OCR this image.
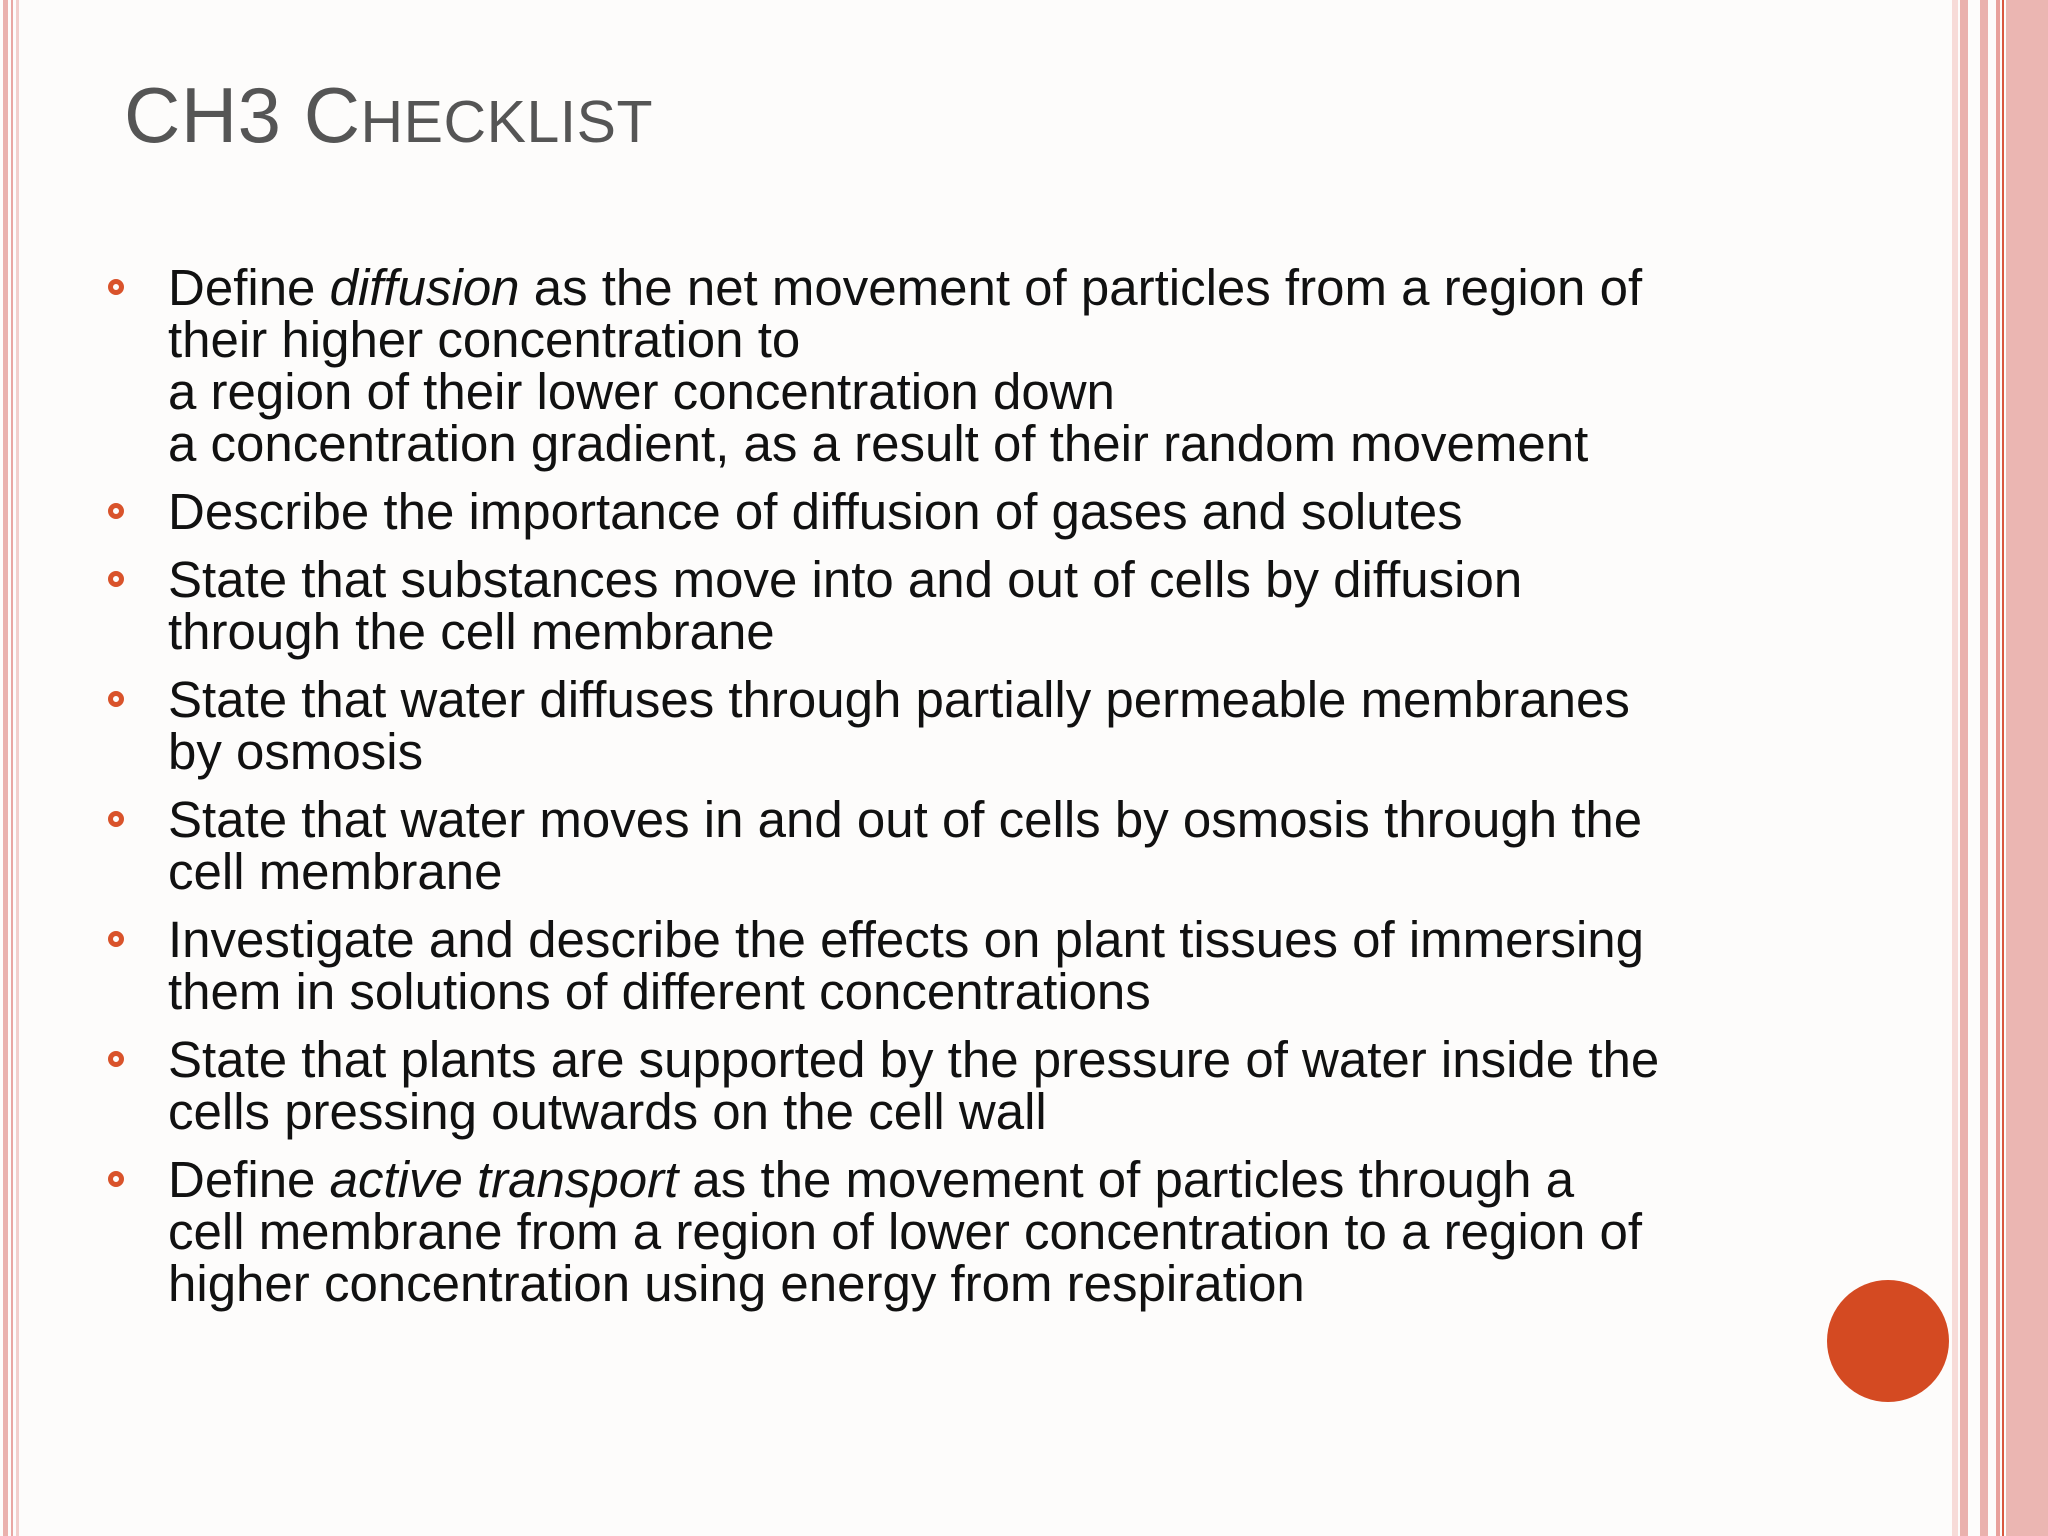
CH3 CHECKLIST
Define diffusion as the net movement of particles from a region of
their higher concentration to
a region of their lower concentration down
a concentration gradient, as a result of their random movement
Describe the importance of diffusion of gases and solutes
State that substances move into and out of cells by diffusion
through the cell membrane
State that water diffuses through partially permeable membranes
by osmosis
State that water moves in and out of cells by osmosis through the
cell membrane
Investigate and describe the effects on plant tissues of immersing
them in solutions of different concentrations
State that plants are supported by the pressure of water inside the
cells pressing outwards on the cell wall
Define active transport as the movement of particles through a
cell membrane from a region of lower concentration to a region of
higher concentration using energy from respiration
